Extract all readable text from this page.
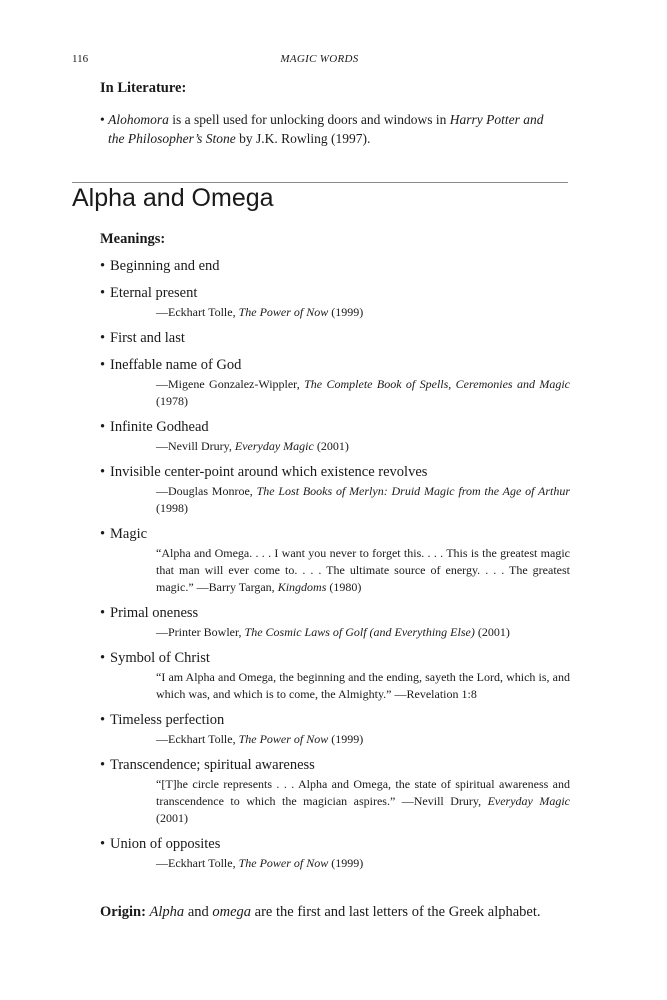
116	MAGIC WORDS
In Literature:
• Alohomora is a spell used for unlocking doors and windows in Harry Potter and
the Philosopher’s Stone by J.K. Rowling (1997).
Alpha and Omega
Meanings:
• Beginning and end
• Eternal present
—Eckhart Tolle, The Power of Now (1999)
• First and last
• Ineffable name of God
—Migene Gonzalez-Wippler, The Complete Book of Spells, Ceremonies and Magic (1978)
• Infinite Godhead
—Nevill Drury, Everyday Magic (2001)
• Invisible center-point around which existence revolves
—Douglas Monroe, The Lost Books of Merlyn: Druid Magic from the Age of Arthur (1998)
• Magic
“Alpha and Omega. . . . I want you never to forget this. . . . This is the greatest magic that man will ever come to. . . . The ultimate source of energy. . . . The greatest magic.” —Barry Targan, Kingdoms (1980)
• Primal oneness
—Printer Bowler, The Cosmic Laws of Golf (and Everything Else) (2001)
• Symbol of Christ
“I am Alpha and Omega, the beginning and the ending, sayeth the Lord, which is, and which was, and which is to come, the Almighty.” —Revelation 1:8
• Timeless perfection
—Eckhart Tolle, The Power of Now (1999)
• Transcendence; spiritual awareness
“[T]he circle represents . . . Alpha and Omega, the state of spiritual awareness and transcendence to which the magician aspires.” —Nevill Drury, Everyday Magic (2001)
• Union of opposites
—Eckhart Tolle, The Power of Now (1999)
Origin: Alpha and omega are the first and last letters of the Greek alphabet.
